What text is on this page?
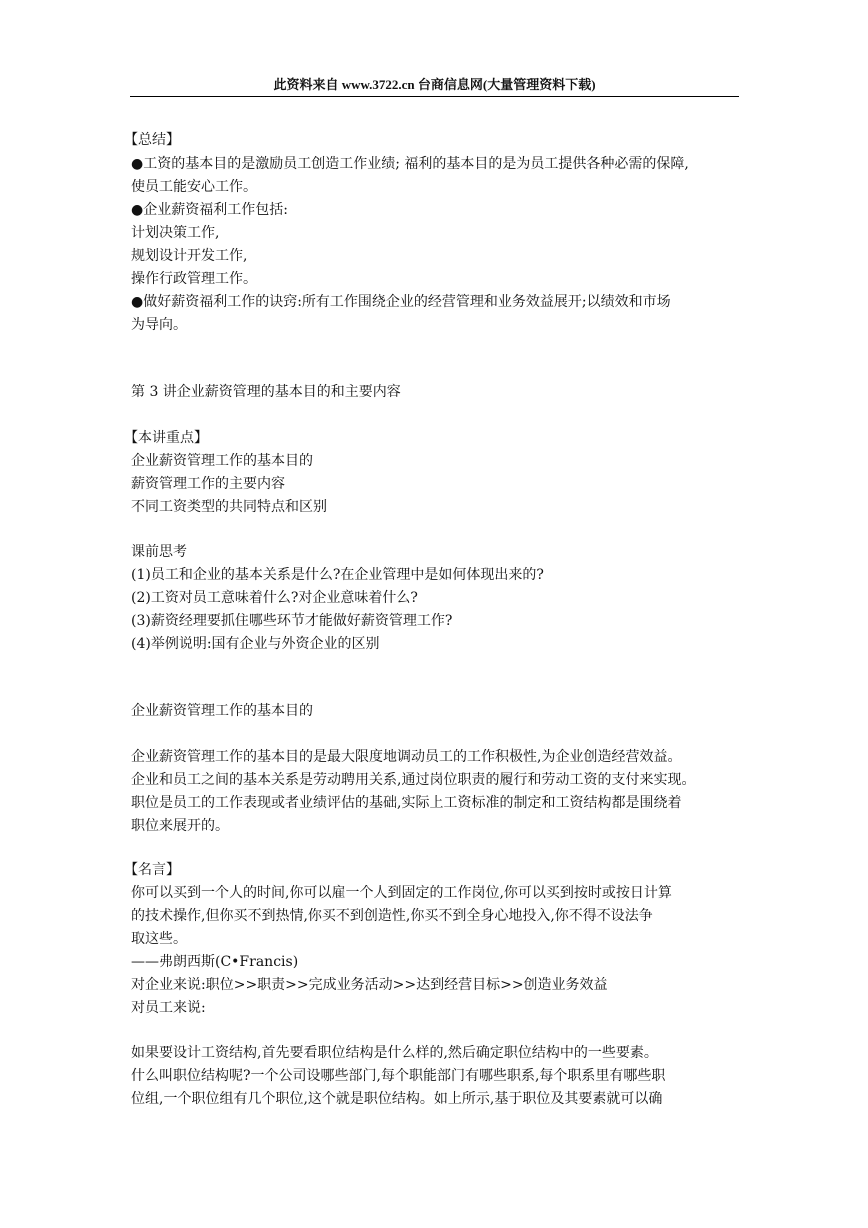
此资料来自 www.3722.cn 台商信息网(大量管理资料下载)
【总结】
●工资的基本目的是激励员工创造工作业绩; 福利的基本目的是为员工提供各种必需的保障,
使员工能安心工作。
●企业薪资福利工作包括:
计划决策工作,
规划设计开发工作,
操作行政管理工作。
●做好薪资福利工作的诀窍:所有工作围绕企业的经营管理和业务效益展开;以绩效和市场
为导向。
第 3 讲企业薪资管理的基本目的和主要内容
【本讲重点】
企业薪资管理工作的基本目的
薪资管理工作的主要内容
不同工资类型的共同特点和区别
课前思考
(1)员工和企业的基本关系是什么?在企业管理中是如何体现出来的?
(2)工资对员工意味着什么?对企业意味着什么?
(3)薪资经理要抓住哪些环节才能做好薪资管理工作?
(4)举例说明:国有企业与外资企业的区别
企业薪资管理工作的基本目的
企业薪资管理工作的基本目的是最大限度地调动员工的工作积极性,为企业创造经营效益。
企业和员工之间的基本关系是劳动聘用关系,通过岗位职责的履行和劳动工资的支付来实现。
职位是员工的工作表现或者业绩评估的基础,实际上工资标准的制定和工资结构都是围绕着
职位来展开的。
【名言】
你可以买到一个人的时间,你可以雇一个人到固定的工作岗位,你可以买到按时或按日计算
的技术操作,但你买不到热情,你买不到创造性,你买不到全身心地投入,你不得不设法争
取这些。
——弗朗西斯(C•Francis)
对企业来说:职位>>职责>>完成业务活动>>达到经营目标>>创造业务效益
对员工来说:
如果要设计工资结构,首先要看职位结构是什么样的,然后确定职位结构中的一些要素。
什么叫职位结构呢?一个公司设哪些部门,每个职能部门有哪些职系,每个职系里有哪些职
位组,一个职位组有几个职位,这个就是职位结构。如上所示,基于职位及其要素就可以确
